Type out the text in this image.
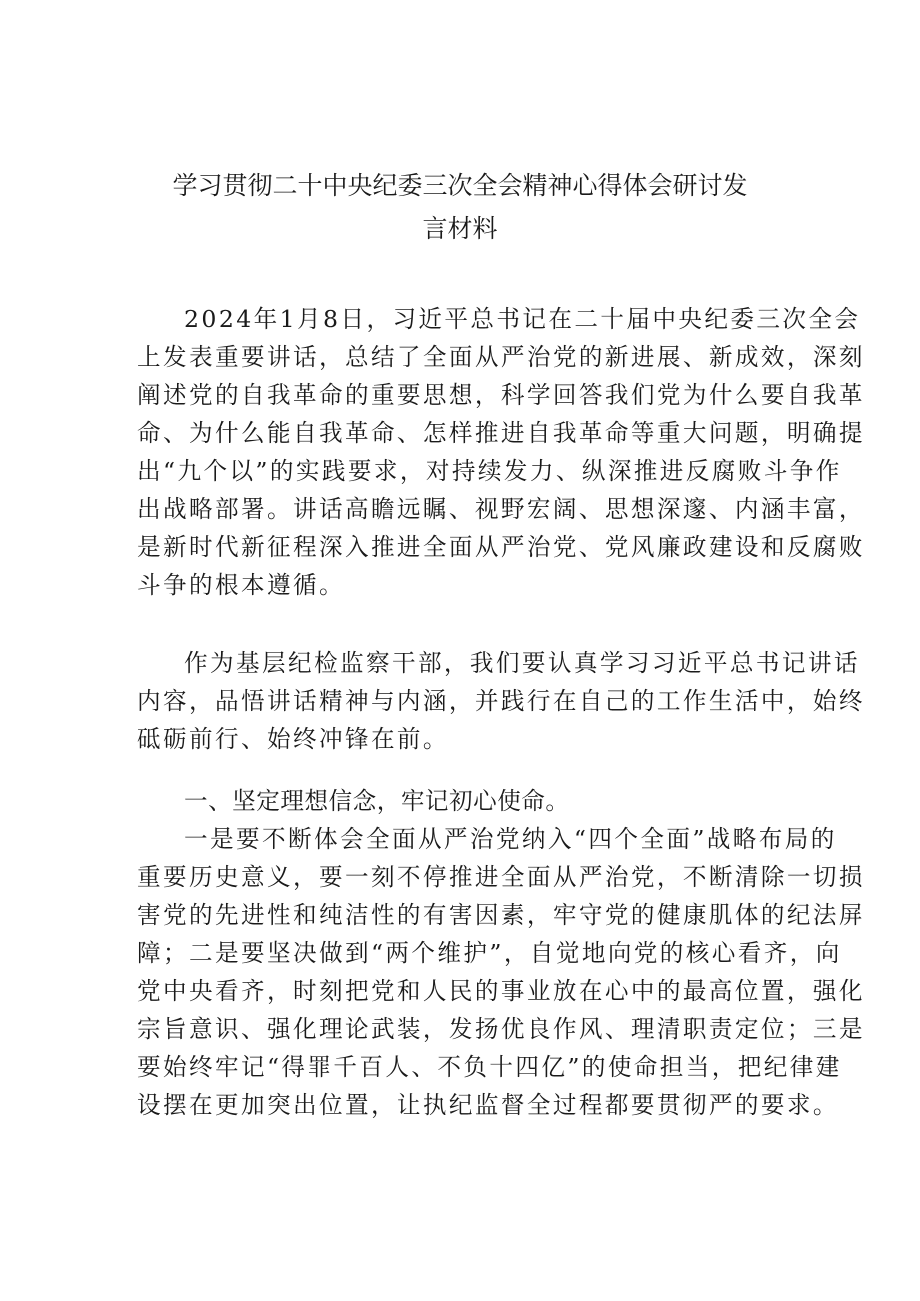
学习贯彻二十中央纪委三次全会精神心得体会研讨发
言材料
2024年1月8日，习近平总书记在二十届中央纪委三次全会
上发表重要讲话，总结了全面从严治党的新进展、新成效，深刻
阐述党的自我革命的重要思想，科学回答我们党为什么要自我革
命、为什么能自我革命、怎样推进自我革命等重大问题，明确提
出“九个以”的实践要求，对持续发力、纵深推进反腐败斗争作
出战略部署。讲话高瞻远瞩、视野宏阔、思想深邃、内涵丰富，
是新时代新征程深入推进全面从严治党、党风廉政建设和反腐败
斗争的根本遵循。
作为基层纪检监察干部，我们要认真学习习近平总书记讲话
内容，品悟讲话精神与内涵，并践行在自己的工作生活中，始终
砥砺前行、始终冲锋在前。
一、坚定理想信念，牢记初心使命。
一是要不断体会全面从严治党纳入“四个全面”战略布局的
重要历史意义，要一刻不停推进全面从严治党，不断清除一切损
害党的先进性和纯洁性的有害因素，牢守党的健康肌体的纪法屏
障；二是要坚决做到“两个维护”，自觉地向党的核心看齐，向
党中央看齐，时刻把党和人民的事业放在心中的最高位置，强化
宗旨意识、强化理论武装，发扬优良作风、理清职责定位；三是
要始终牢记“得罪千百人、不负十四亿”的使命担当，把纪律建
设摆在更加突出位置，让执纪监督全过程都要贯彻严的要求。
